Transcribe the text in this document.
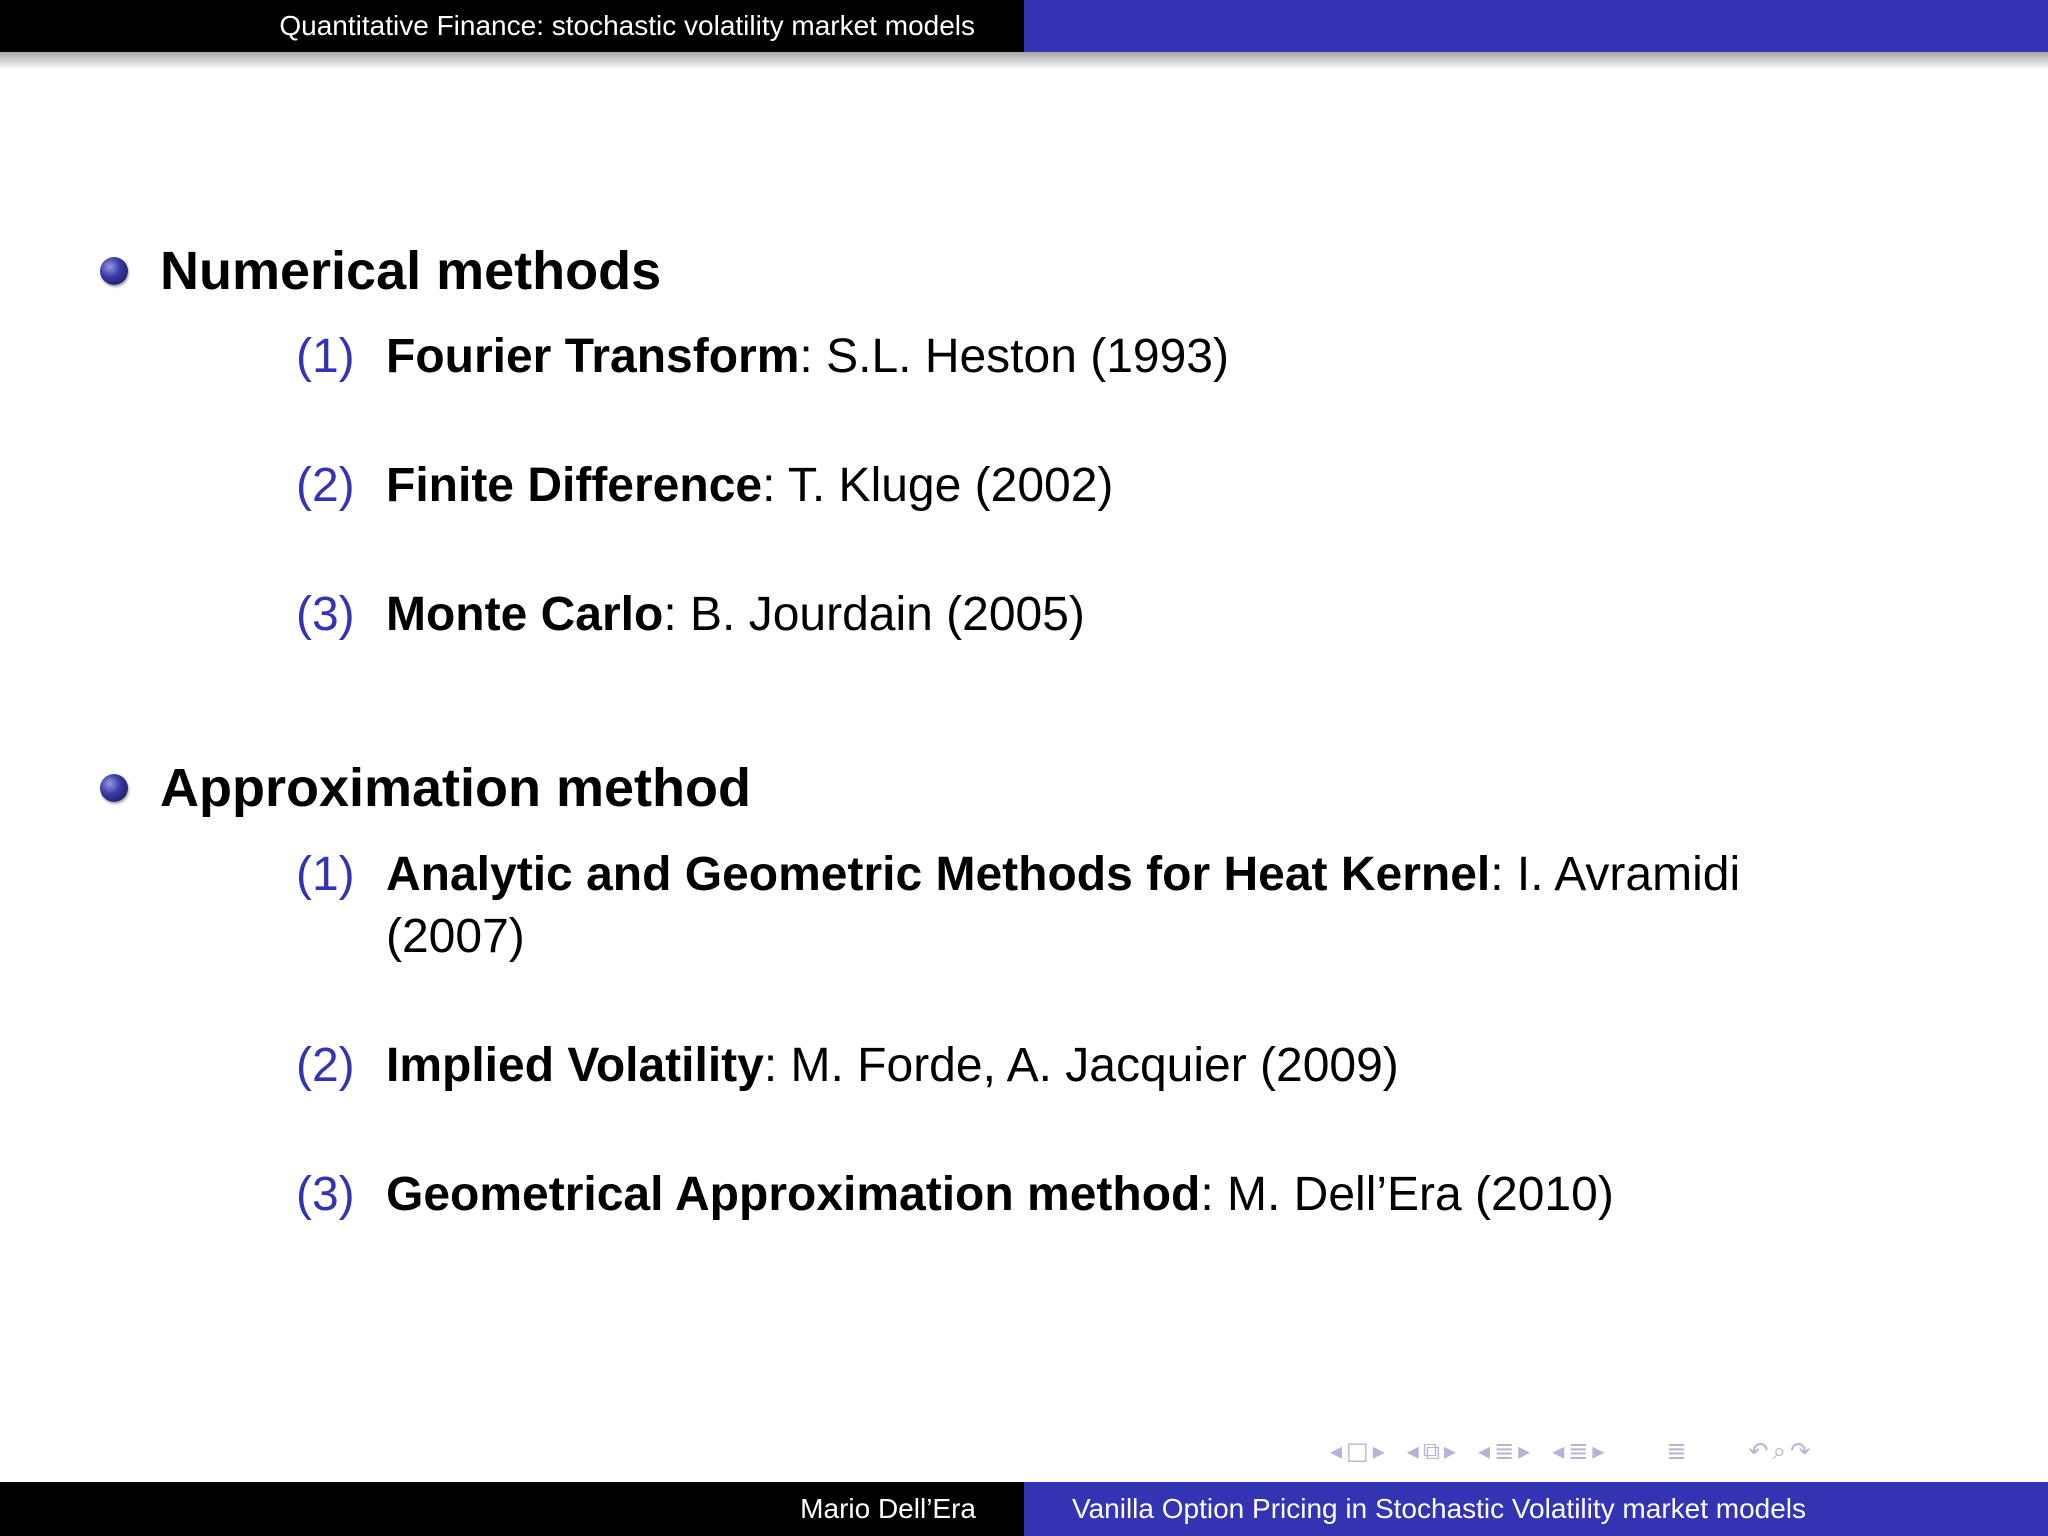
Quantitative Finance: stochastic volatility market models
Numerical methods
(1) Fourier Transform: S.L. Heston (1993)
(2) Finite Difference: T. Kluge (2002)
(3) Monte Carlo: B. Jourdain (2005)
Approximation method
(1) Analytic and Geometric Methods for Heat Kernel: I. Avramidi (2007)
(2) Implied Volatility: M. Forde, A. Jacquier (2009)
(3) Geometrical Approximation method: M. Dell’Era (2010)
◂ □ ▸ ◂ ⧉ ▸ ◂ ≣ ▸ ◂ ≣ ▸	≣	↶ ⌕ ↷
Mario Dell’Era	Vanilla Option Pricing in Stochastic Volatility market models
